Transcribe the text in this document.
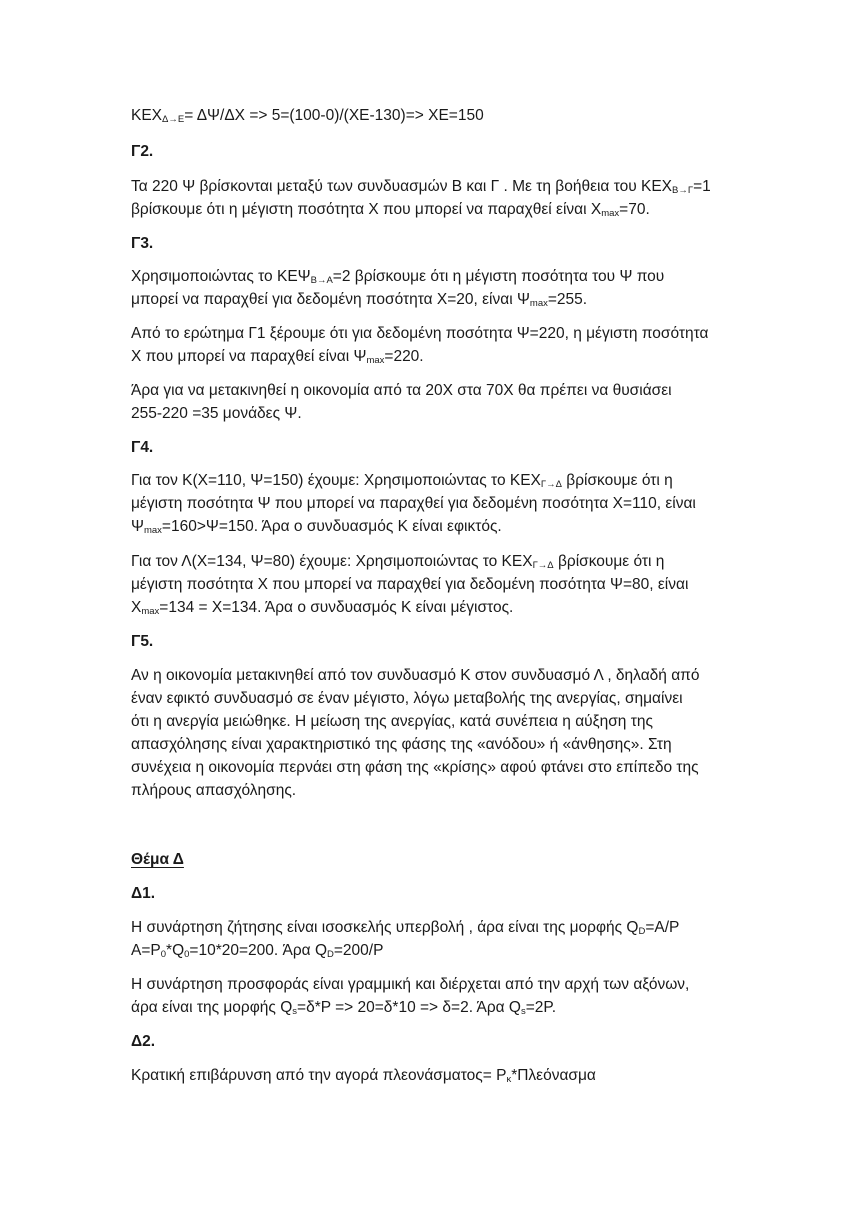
$KEX_{\Delta\to E}= \Delta\Psi/\Delta X => 5=(100-0)/(XE-130)=> XE=150$
Γ2.
Τα 220 Ψ βρίσκονται μεταξύ των συνδυασμών Β και Γ . Με τη βοήθεια του $KEX_{B\to\Gamma}=1$
βρίσκουμε ότι η μέγιστη ποσότητα Χ που μπορεί να παραχθεί είναι $X_{max}=70$.
Γ3.
Χρησιμοποιώντας το $KE\Psi_{B\to A}=2$ βρίσκουμε ότι η μέγιστη ποσότητα του Ψ που
μπορεί να παραχθεί για δεδομένη ποσότητα Χ=20, είναι $\Psi_{max}=255$.
Από το ερώτημα Γ1 ξέρουμε ότι για δεδομένη ποσότητα Ψ=220, η μέγιστη ποσότητα
Χ που μπορεί να παραχθεί είναι $\Psi_{max}=220$.
Άρα για να μετακινηθεί η οικονομία από τα 20Χ στα 70Χ θα πρέπει να θυσιάσει
255-220 =35 μονάδες Ψ.
Γ4.
Για τον Κ(Χ=110, Ψ=150) έχουμε: Χρησιμοποιώντας το $KEX_{\Gamma\to\Delta}$ βρίσκουμε ότι η
μέγιστη ποσότητα Ψ που μπορεί να παραχθεί για δεδομένη ποσότητα Χ=110, είναι
$\Psi_{max}=160>\Psi=150$. Άρα ο συνδυασμός Κ είναι εφικτός.
Για τον Λ(Χ=134, Ψ=80) έχουμε: Χρησιμοποιώντας το $KEX_{\Gamma\to\Delta}$ βρίσκουμε ότι η
μέγιστη ποσότητα Χ που μπορεί να παραχθεί για δεδομένη ποσότητα Ψ=80, είναι
$X_{max}=134 = X=134$. Άρα ο συνδυασμός Κ είναι μέγιστος.
Γ5.
Αν η οικονομία μετακινηθεί από τον συνδυασμό Κ στον συνδυασμό Λ , δηλαδή από
έναν εφικτό συνδυασμό σε έναν μέγιστο, λόγω μεταβολής της ανεργίας, σημαίνει
ότι η ανεργία μειώθηκε. Η μείωση της ανεργίας, κατά συνέπεια η αύξηση της
απασχόλησης είναι χαρακτηριστικό της φάσης της «ανόδου» ή «άνθησης». Στη
συνέχεια η οικονομία περνάει στη φάση της «κρίσης» αφού φτάνει στο επίπεδο της
πλήρους απασχόλησης.
Θέμα Δ
Δ1.
Η συνάρτηση ζήτησης είναι ισοσκελής υπερβολή , άρα είναι της μορφής $Q_D=A/P$
$A=P_0*Q_0=10*20=200$. Άρα $Q_D=200/P$
Η συνάρτηση προσφοράς είναι γραμμική και διέρχεται από την αρχή των αξόνων,
άρα είναι της μορφής $Q_s=\delta*P => 20=\delta*10 => \delta=2$. Άρα $Q_s=2P$.
Δ2.
Κρατική επιβάρυνση από την αγορά $\pi\lambda\varepsilon o\nu ά\sigma\mu\alpha\tau o\varsigma= P_\kappa*\Pi\lambda\varepsilon ό\nu\alpha\sigma\mu\alpha$
